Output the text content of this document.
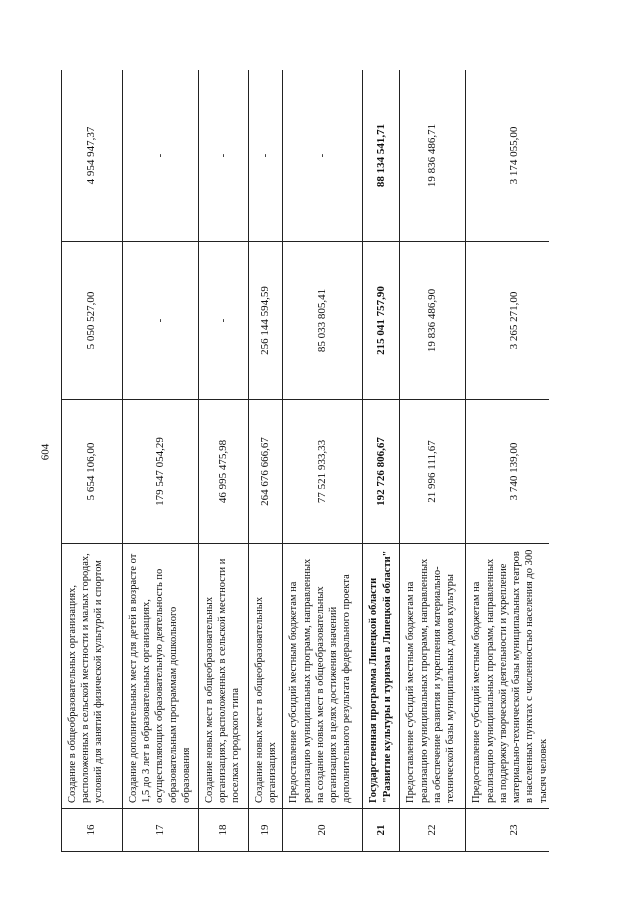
604
16	Создание в общеобразовательных организациях, расположенных в сельской местности и малых городах, условий для занятий физической культурой и спортом	5 654 106,00	5 050 527,00	4 954 947,37
17	Создание дополнительных мест для детей в возрасте от 1,5 до 3 лет в образовательных организациях, осуществляющих образовательную деятельность по образовательным программам дошкольного образования	179 547 054,29	-	-
18	Создание новых мест в общеобразовательных организациях, расположенных в сельской местности и поселках городского типа	46 995 475,98	-	-
19	Создание новых мест в общеобразовательных организациях	264 676 666,67	256 144 594,59	-
20	Предоставление субсидий местным бюджетам на реализацию муниципальных программ, направленных на создание новых мест в общеобразовательных организациях в целях достижения значений дополнительного результата федерального проекта	77 521 933,33	85 033 805,41	-
21	Государственная программа Липецкой области "Развитие культуры и туризма в Липецкой области"	192 726 806,67	215 041 757,90	88 134 541,71
22	Предоставление субсидий местным бюджетам на реализацию муниципальных программ, направленных на обеспечение развития и укрепления материально-технической базы муниципальных домов культуры	21 996 111,67	19 836 486,90	19 836 486,71
23	Предоставление субсидий местным бюджетам на реализацию муниципальных программ, направленных на поддержку творческой деятельности и укрепление материально-технической базы муниципальных театров в населенных пунктах с численностью населения до 300 тысяч человек	3 740 139,00	3 265 271,00	3 174 055,00
